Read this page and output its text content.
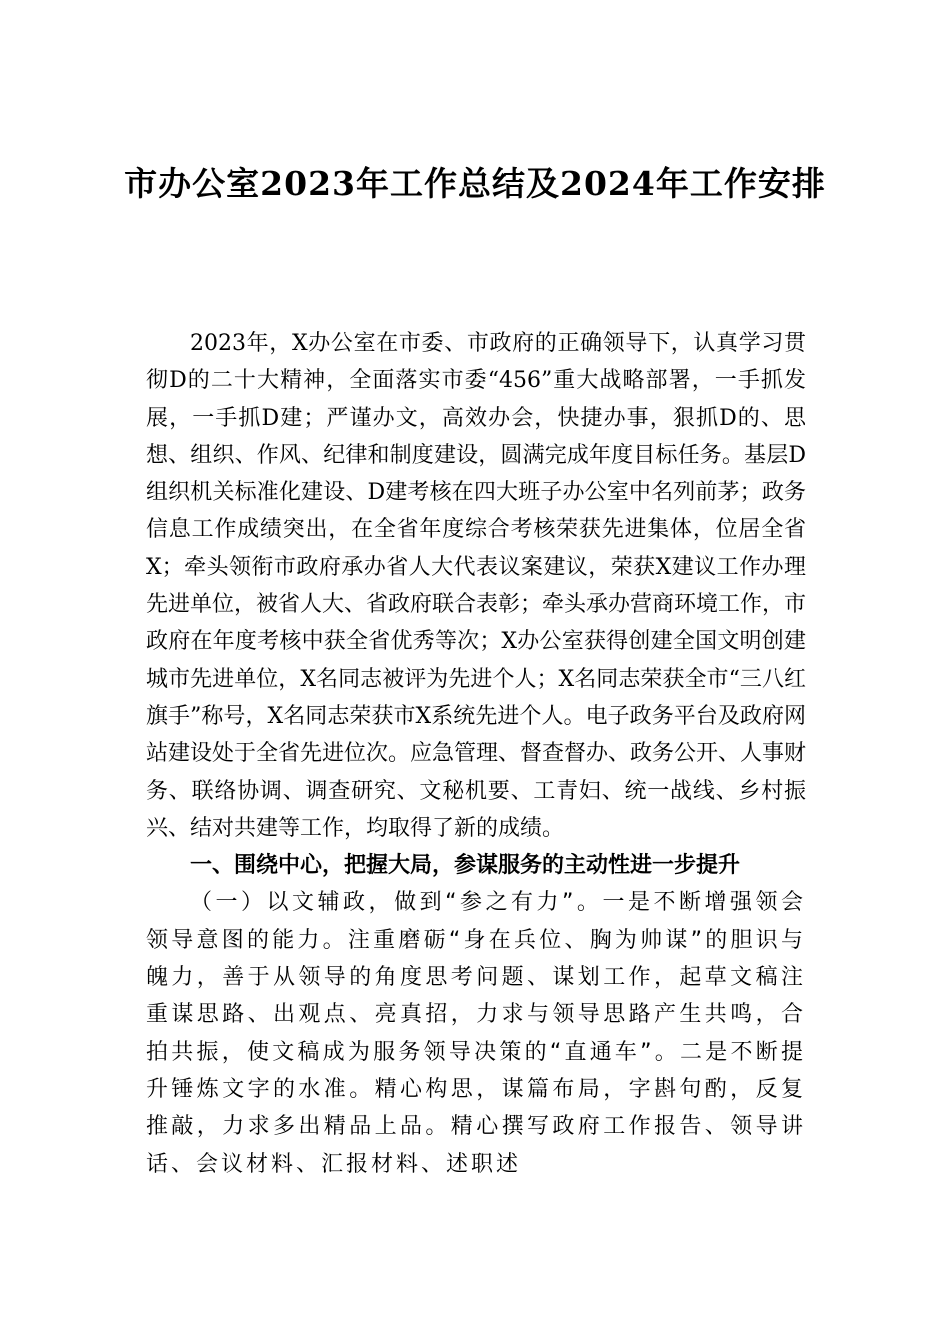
市办公室2023年工作总结及2024年工作安排

2023年，X办公室在市委、市政府的正确领导下，认真学习贯彻D的二十大精神，全面落实市委“456”重大战略部署，一手抓发展，一手抓D建；严谨办文，高效办会，快捷办事，狠抓D的、思想、组织、作风、纪律和制度建设，圆满完成年度目标任务。基层D组织机关标准化建设、D建考核在四大班子办公室中名列前茅；政务信息工作成绩突出，在全省年度综合考核荣获先进集体，位居全省X；牵头领衔市政府承办省人大代表议案建议，荣获X建议工作办理先进单位，被省人大、省政府联合表彰；牵头承办营商环境工作，市政府在年度考核中获全省优秀等次；X办公室获得创建全国文明创建城市先进单位，X名同志被评为先进个人；X名同志荣获全市“三八红旗手”称号，X名同志荣获市X系统先进个人。电子政务平台及政府网站建设处于全省先进位次。应急管理、督查督办、政务公开、人事财务、联络协调、调查研究、文秘机要、工青妇、统一战线、乡村振兴、结对共建等工作，均取得了新的成绩。

一、围绕中心，把握大局，参谋服务的主动性进一步提升

（一）以文辅政，做到“参之有力”。一是不断增强领会领导意图的能力。注重磨砺“身在兵位、胸为帅谋”的胆识与魄力，善于从领导的角度思考问题、谋划工作，起草文稿注重谋思路、出观点、亮真招，力求与领导思路产生共鸣，合拍共振，使文稿成为服务领导决策的“直通车”。二是不断提升锤炼文字的水准。精心构思，谋篇布局，字斟句酌，反复推敲，力求多出精品上品。精心撰写政府工作报告、领导讲话、会议材料、汇报材料、述职述
